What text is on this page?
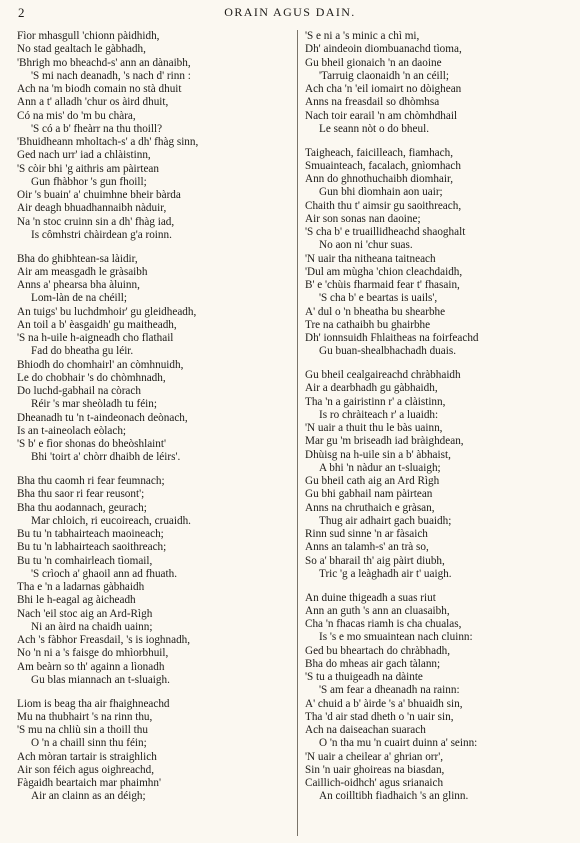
2	ORAIN AGUS DAIN.
Fìor mhasgull 'chionn pàidhidh,
No stad gealtach le gàbhadh,
'Bhrigh mo bheachd-s' ann an dànaibh,
'S mi nach deanadh, 's nach d' rinn :
Ach na 'm biodh comain no stà dhuit
Ann a t' alladh 'chur os àird dhuit,
Có na mis' do 'm bu chàra,
'S có a b' fheàrr na thu thoill?
'Bhuidheann mholtach-s' a dh' fhàg sinn,
Ged nach urr' iad a chlàistinn,
'S còir bhi 'g aithris am pàirtean
Gun fhàbhor 's gun fhoill;
Oir 's buain' a' chuimhne bheir bàrda
Air deagh bhuadhannaibh nàduir,
Na 'n stoc cruinn sin a dh' fhàg iad,
Is cômhstri chàirdean g'a roinn.
Bha do ghibhtean-sa làidir,
Air am measgadh le gràsaibh
Anns a' phearsa bha àluinn,
Lom-làn de na chéill;
An tuigs' bu luchdmhoir' gu gleidheadh,
An toil a b' èasgaidh' gu maitheadh,
'S na h-uile h-aigneadh cho flathail
Fad do bheatha gu léir.
Bhiodh do chomhairl' an còmhnuidh,
Le do chobhair 's do chòmhnadh,
Do luchd-gabhail na còrach
Réir 's mar sheòladh tu féin;
Dheanadh tu 'n t-aindeonach deònach,
Is an t-aineolach eòlach;
'S b' e fìor shonas do bheòshlaint'
Bhi 'toirt a' chòrr dhaibh de léirs'.
Bha thu caomh ri fear feumnach;
Bha thu saor ri fear reusont';
Bha thu aodannach, geurach;
Mar chloich, ri eucoireach, cruaidh.
Bu tu 'n tabhairteach maoineach;
Bu tu 'n labhairteach saoithreach;
Bu tu 'n comhairleach tìomail,
'S crìoch a' ghaoil ann ad fhuath.
Tha e 'n a ladarnas gàbhaidh
Bhi le h-eagal ag àicheadh
Nach 'eil stoc aig an Ard-Rìgh
Ni an àird na chaidh uainn;
Ach 's fàbhor Freasdail, 's is ioghnadh,
No 'n ni a 's faisge do mhìorbhuil,
Am beàrn so th' againn a lìonadh
Gu blas miannach an t-sluaigh.
Liom is beag tha air fhaighneachd
Mu na thubhairt 's na rinn thu,
'S mu na chliù sin a thoill thu
O 'n a chaill sinn thu féin;
Ach mòran tartair is straighlich
Air son féich agus oighreachd,
Fàgaidh beartaich mar phaimhn'
Air an clainn as an déigh;
'S e ni a 's minic a chì mi,
Dh' aindeoin diombuanachd tìoma,
Gu bheil gionaich 'n an daoine
'Tarruig claonaidh 'n an céill;
Ach cha 'n 'eil iomairt no dòighean
Anns na freasdail so dhòmhsa
Nach toir earail 'n am chòmhdhail
Le seann nòt o do bheul.
Taigheach, faicilleach, fiamhach,
Smuainteach, facalach, gnìomhach
Ann do ghnothuchaibh diomhair,
Gun bhi dìomhain aon uair;
Chaith thu t' aimsir gu saoithreach,
Air son sonas nan daoine;
'S cha b' e truaillidheachd shaoghalt
No aon ni 'chur suas.
'N uair tha nitheana taitneach
'Dul am mùgha 'chion cleachdaidh,
B' e 'chùis fharmaid fear t' fhasain,
'S cha b' e beartas is uails',
A' dul o 'n bheatha bu shearbhe
Tre na cathaibh bu ghairbhe
Dh' ionnsuidh Fhlaitheas na foirfeachd
Gu buan-shealbhachadh duais.
Gu bheil cealgaireachd chràbhaidh
Air a dearbhadh gu gàbhaidh,
Tha 'n a gairistinn r' a clàistinn,
Is ro chràiteach r' a luaidh:
'N uair a thuit thu le bàs uainn,
Mar gu 'm briseadh iad bràighdean,
Dhùisg na h-uile sin a b' àbhaist,
A bhi 'n nàdur an t-sluaigh;
Gu bheil cath aig an Ard Rìgh
Gu bhi gabhail nam pàirtean
Anns na chruthaich e gràsan,
Thug air adhairt gach buaidh;
Rinn sud sinne 'n ar fàsaich
Anns an talamh-s' an trà so,
So a' bharail th' aig pàirt diubh,
Tric 'g a leàghadh air t' uaigh.
An duine thigeadh a suas riut
Ann an guth 's ann an cluasaibh,
Cha 'n fhacas riamh is cha chualas,
Is 's e mo smuaintean nach cluinn:
Ged bu bheartach do chràbhadh,
Bha do mheas air gach tàlann;
'S tu a thuigeadh na dàinte
'S am fear a dheanadh na rainn:
A' chuid a b' àirde 's a' bhuaidh sin,
Tha 'd air stad dheth o 'n uair sin,
Ach na daiseachan suarach
O 'n tha mu 'n cuairt duinn a' seinn:
'N uair a cheilear a' ghrian orr',
Sin 'n uair ghoireas na biasdan,
Caillich-oidhch' agus srianaich
An coilltibh fiadhaich 's an glinn.
